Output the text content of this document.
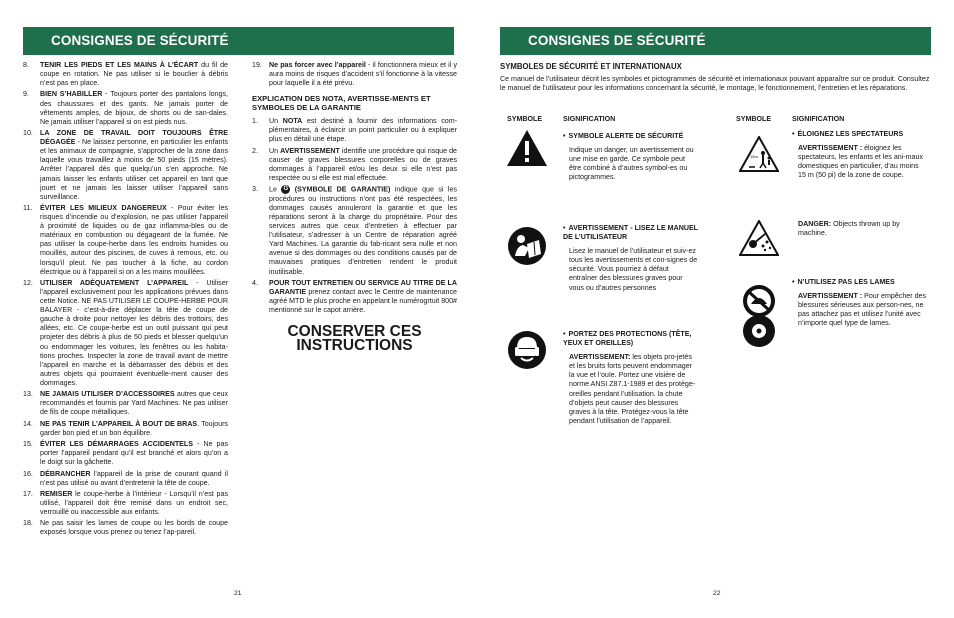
CONSIGNES DE SÉCURITÉ
8. TENIR LES PIEDS ET LES MAINS À L’ÉCART du fil de coupe en rotation. Ne pas utiliser si le bouclier à débris n’est pas en place.
9. BIEN S’HABILLER - Toujours porter des pantalons longs, des chaussures et des gants. Ne jamais porter de vêtements amples, de bijoux, de shorts ou de san-dales. Ne jamais utiliser l’appareil si on est pieds nus.
10. LA ZONE DE TRAVAIL DOIT TOUJOURS ÊTRE DÉGAGÉE - Ne laissez personne, en particulier les enfants et les animaux de compagnie, s’approcher de la zone dans laquelle vous travaillez à moins de 50 pieds (15 mètres). Arrêter l’appareil dès que quelqu’un s’en approche. Ne jamais laisser les enfants utiliser cet appareil en tant que jouet et ne jamais les laisser utiliser l’appareil sans surveillance.
11. ÉVITER LES MILIEUX DANGEREUX - Pour éviter les risques d’incendie ou d’explosion, ne pas utiliser l’appareil à proximité de liquides ou de gaz inflamma-bles ou de matériaux en combustion ou dégageant de la fumée. Ne pas utiliser la coupe-herbe dans les endroits humides ou mouillés, autour des piscines, de cuves à remous, etc. ou lorsqu’il pleut. Ne pas toucher à la fiche, au cordon électrique ou à l’appareil si on a les mains mouillées.
12. UTILISER ADÉQUATEMENT L’APPAREIL - Utiliser l’appareil exclusivement pour les applications prévues dans cette Notice. NE PAS UTILISER LE COUPE-HERBE POUR BALAYER - c’est-à-dire déplacer la tête de coupe de gauche à droite pour nettoyer les débris des trottoirs, des allées, etc. Ce coupe-herbe est un outil puissant qui peut projeter des débris à plus de 50 pieds et blesser quelqu’un ou endommager les voitures, les fenêtres ou les habita-tions proches. Inspecter la zone de travail avant de mettre l’appareil en marche et la débarrasser des débris et des autres objets qui pourraient éventuelle-ment causer des dommages.
13. NE JAMAIS UTILISER D’ACCESSOIRES autres que ceux recommandés et fournis par Yard Machines. Ne pas utiliser de fils de coupe métalliques.
14. NE PAS TENIR L’APPAREIL À BOUT DE BRAS. Toujours garder bon pied et un bon équilibre.
15. ÉVITER LES DÉMARRAGES ACCIDENTELS - Ne pas porter l’appareil pendant qu’il est branché et alors qu’on a le doigt sur la gâchette.
16. DÉBRANCHER l’appareil de la prise de courant quand il n’est pas utilisé ou avant d’entretenir la tête de coupe.
17. REMISER le coupe-herbe à l’intérieur - Lorsqu’il n’est pas utilisé, l’appareil doit être remisé dans un endroit sec, verrouillé ou inaccessible aux enfants.
18. Ne pas saisir les lames de coupe ou les bords de coupe exposés lorsque vous prenez ou tenez l’ap-pareil.
19. Ne pas forcer avec l’appareil - il fonctionnera mieux et il y aura moins de risques d’accident s’il fonctionne à la vitesse pour laquelle il a été prévu.
EXPLICATION DES NOTA, AVERTISSE-MENTS ET SYMBOLES DE LA GARANTIE
1. Un NOTA est destiné à fournir des informations com-plémentaires, à éclaircir un point particulier ou à expliquer plus en détail une étape.
2. Un AVERTISSEMENT identifie une procédure qui risque de causer de graves blessures corporelles ou de graves dommages à l’appareil et/ou les deux si elle n’est pas respectée ou si elle est mal effectuée.
3. Le G (SYMBOLE DE GARANTIE) indique que si les procédures ou instructions n’ont pas été respectées, les dommages causés annuleront la garantie et que les réparations seront à la charge du propriétaire. Pour des services autres que ceux d’entretien à effectuer par l’utilisateur, s’adresser à un Centre de réparation agréé Yard Machines. La garantie du fab-ricant sera nulle et non avenue si des dommages ou des conditions causés par de mauvaises pratiques d’entretien rendent le produit inutilisable.
4. POUR TOUT ENTRETIEN OU SERVICE AU TITRE DE LA GARANTIE prenez contact avec le Centre de maintenance agréé MTD le plus proche en appelant le numérogrtuit 800# mentionné sur le capot arrière.
CONSERVER CES
INSTRUCTIONS
21
CONSIGNES DE SÉCURITÉ
SYMBOLES DE SÉCURITÉ ET INTERNATIONAUX
Ce manuel de l’utilisateur décrit les symboles et pictogrammes de sécurité et internationaux pouvant apparaître sur ce produit. Consultez le manuel de l’utilisateur pour les informations concernant la sécurité, le montage, le fonctionnement, l’entretien et les réparations.
SYMBOLE	SIGNIFICATION	SYMBOLE	SIGNIFICATION
15m
• SYMBOLE ALERTE DE SÉCURITÉ
Indique un danger, un avertissement ou une mise en garde. Ce symbole peut être combiné à d’autres symbol-es ou pictogrammes.
• AVERTISSEMENT - LISEZ LE MANUEL DE L’UTILISATEUR
Lisez le manuel de l’utilisateur et suiv-ez tous les avertissements et con-signes de sécurité. Vous pourriez à défaut entraîner des blessures graves pour vous ou d’autres personnes
• PORTEZ DES PROTECTIONS (TÊTE, YEUX ET OREILLES)
AVERTISSEMENT: les objets pro-jetés et les bruits forts peuvent endommager la vue et l’ouïe. Portez une visière de norme ANSI Z87.1-1989 et des protège-oreilles pendant l’utilisation. la chute d’objets peut causer des blessures graves à la tête. Protégez-vous la tête pendant l’utilisation de l’appareil.
• ÉLOIGNEZ LES SPECTATEURS
AVERTISSEMENT : éloignez les spectateurs, les enfants et les ani-maux domestiques en particulier, d’au moins 15 m (50 pi) de la zone de coupe.
DANGER: Objects thrown up by machine.
• N’UTILISEZ PAS LES LAMES
AVERTISSEMENT : Pour empêcher des blessures sérieuses aux person-nes, ne pas attachez pas et utilisez l’unité avec n’importe quel type de lames.
22
